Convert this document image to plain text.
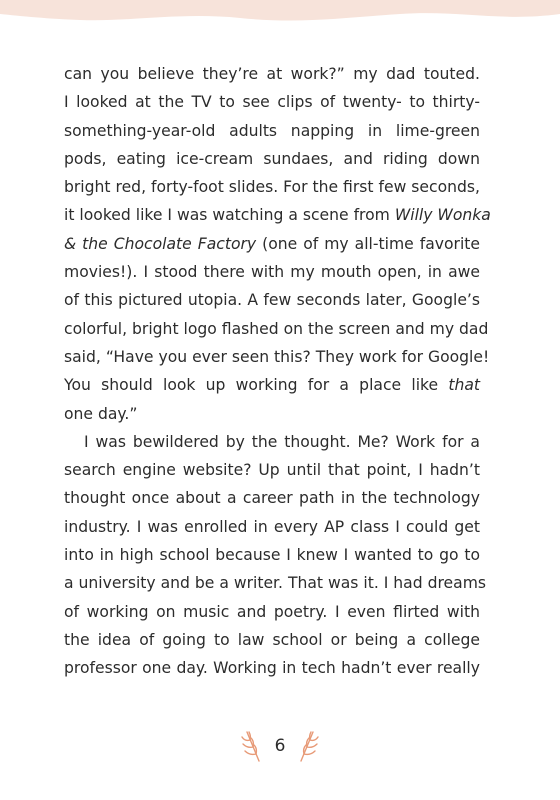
can you believe they’re at work?” my dad touted.
I looked at the TV to see clips of twenty- to thirty-
something-year-old adults napping in lime-green
pods, eating ice-cream sundaes, and riding down
bright red, forty-foot slides. For the first few seconds,
it looked like I was watching a scene from Willy Wonka
& the Chocolate Factory (one of my all-time favorite
movies!). I stood there with my mouth open, in awe
of this pictured utopia. A few seconds later, Google’s
colorful, bright logo flashed on the screen and my dad
said, “Have you ever seen this? They work for Google!
You should look up working for a place like that
one day.”

I was bewildered by the thought. Me? Work for a
search engine website? Up until that point, I hadn’t
thought once about a career path in the technology
industry. I was enrolled in every AP class I could get
into in high school because I knew I wanted to go to
a university and be a writer. That was it. I had dreams
of working on music and poetry. I even flirted with
the idea of going to law school or being a college
professor one day. Working in tech hadn’t ever really

6
